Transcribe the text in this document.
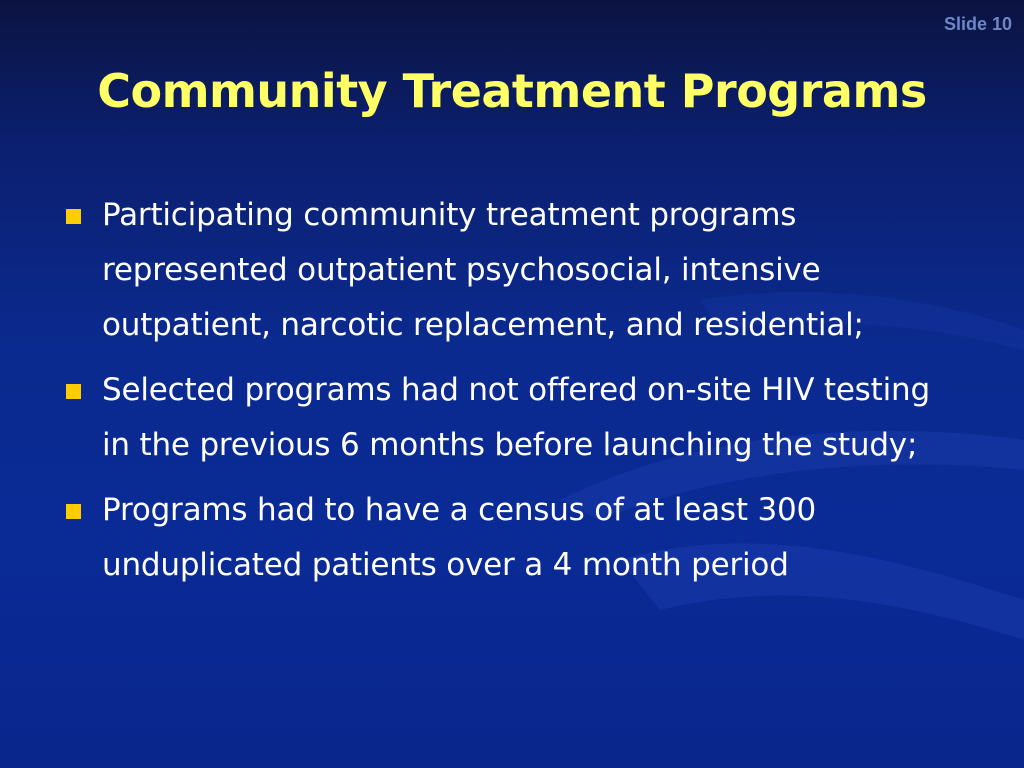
Slide 10
Community Treatment Programs
Participating community treatment programs represented outpatient psychosocial, intensive outpatient, narcotic replacement, and residential;
Selected programs had not offered on-site HIV testing in the previous 6 months before launching the study;
Programs had to have a census of at least 300 unduplicated patients over a 4 month period
